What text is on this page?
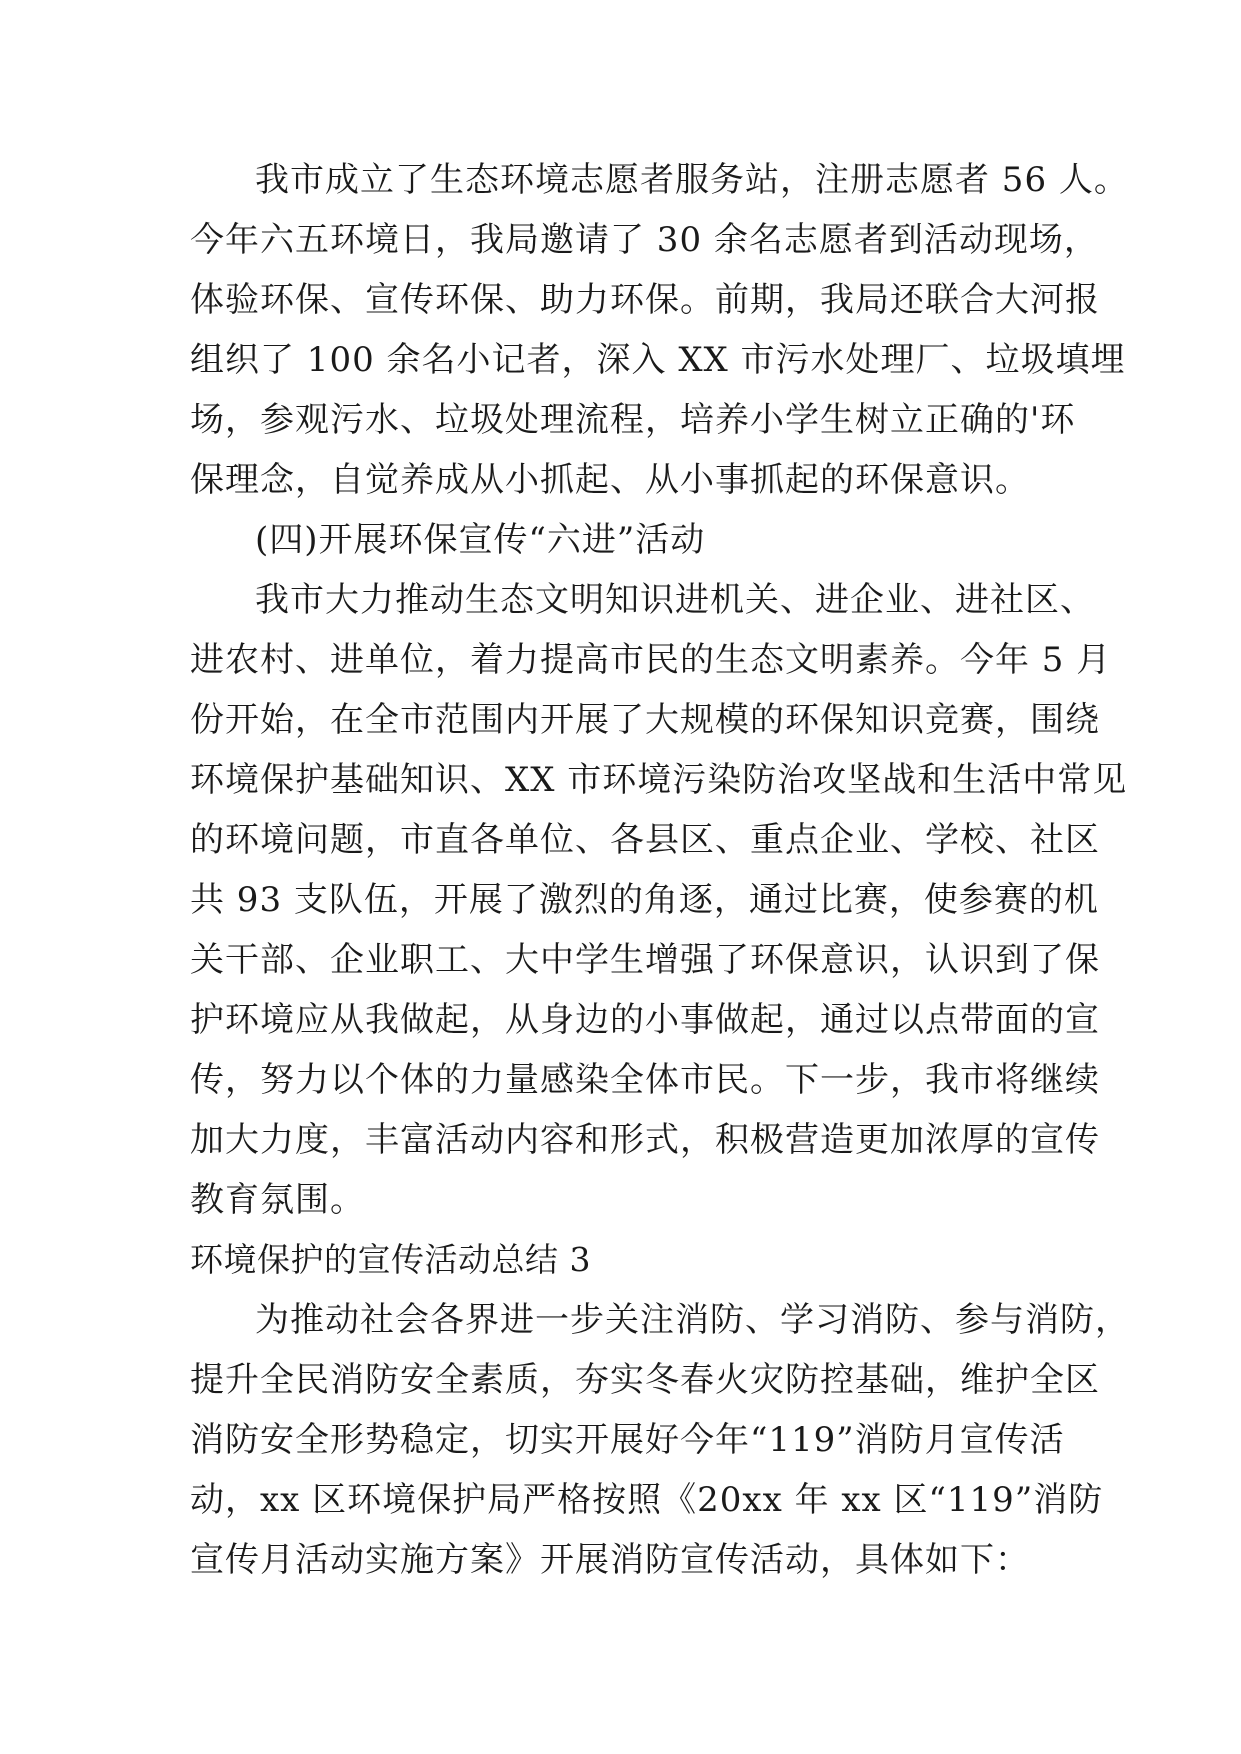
我市成立了生态环境志愿者服务站，注册志愿者 56 人。
今年六五环境日，我局邀请了 30 余名志愿者到活动现场，
体验环保、宣传环保、助力环保。前期，我局还联合大河报
组织了 100 余名小记者，深入 XX 市污水处理厂、垃圾填埋
场，参观污水、垃圾处理流程，培养小学生树立正确的'环
保理念，自觉养成从小抓起、从小事抓起的环保意识。
(四)开展环保宣传“六进”活动
我市大力推动生态文明知识进机关、进企业、进社区、
进农村、进单位，着力提高市民的生态文明素养。今年 5 月
份开始，在全市范围内开展了大规模的环保知识竞赛，围绕
环境保护基础知识、XX 市环境污染防治攻坚战和生活中常见
的环境问题，市直各单位、各县区、重点企业、学校、社区
共 93 支队伍，开展了激烈的角逐，通过比赛，使参赛的机
关干部、企业职工、大中学生增强了环保意识，认识到了保
护环境应从我做起，从身边的小事做起，通过以点带面的宣
传，努力以个体的力量感染全体市民。下一步，我市将继续
加大力度，丰富活动内容和形式，积极营造更加浓厚的宣传
教育氛围。
环境保护的宣传活动总结 3
为推动社会各界进一步关注消防、学习消防、参与消防，
提升全民消防安全素质，夯实冬春火灾防控基础，维护全区
消防安全形势稳定，切实开展好今年“119”消防月宣传活
动，xx 区环境保护局严格按照《20xx 年 xx 区“119”消防
宣传月活动实施方案》开展消防宣传活动，具体如下：
